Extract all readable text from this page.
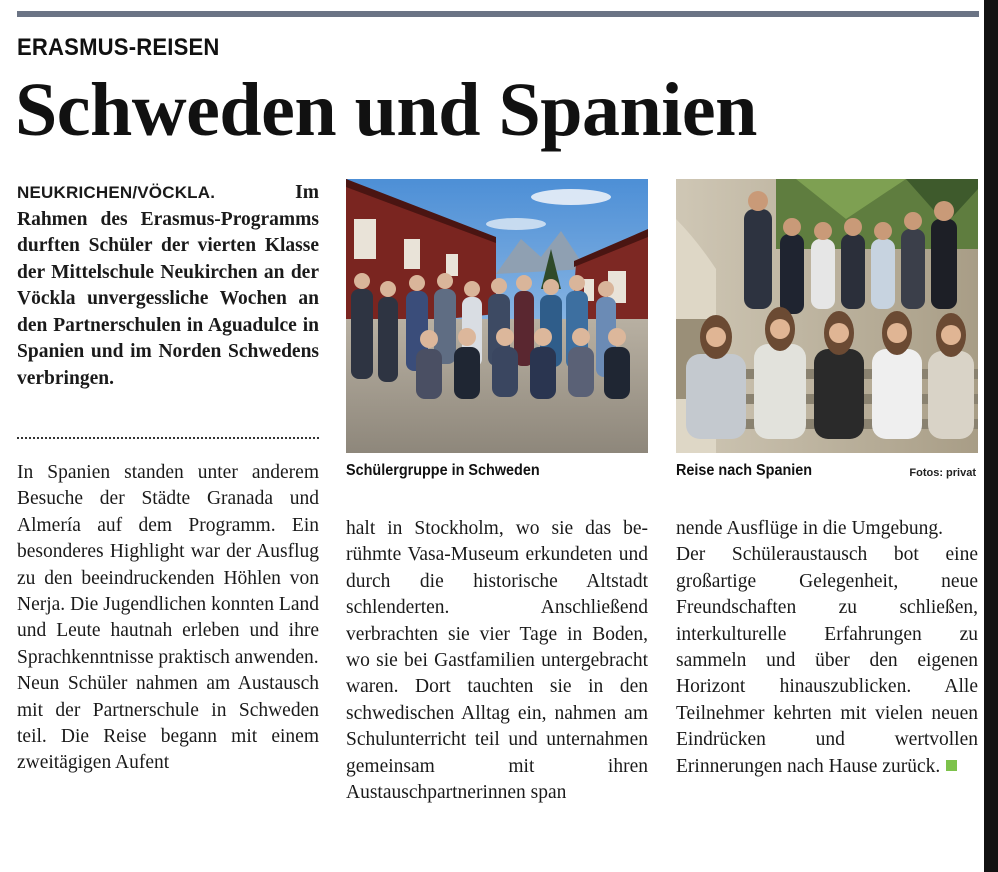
ERASMUS-REISEN
Schweden und Spanien
NEUKRICHEN/VÖCKLA.	Im Rahmen des Erasmus-Programms durften Schüler der vierten Klasse der Mittelschule Neukirchen an der Vöckla unvergessliche Wochen an den Partnerschulen in Aguadulce in Spanien und im Norden Schwedens verbringen.

In Spanien standen unter anderem Besuche der Städte Granada und Almería auf dem Programm. Ein besonderes Highlight war der Ausflug zu den beeindruckenden Höhlen von Nerja. Die Jugendlichen konnten Land und Leute hautnah erleben und ihre Sprachkenntnisse praktisch anwenden.

Neun Schüler nahmen am Austausch mit der Partnerschule in Schweden teil. Die Reise begann mit einem zweitägigen Aufent

halt in Stockholm, wo sie das berühmte Vasa-Museum erkundeten und durch die historische Altstadt schlenderten. Anschließend verbrachten sie vier Tage in Boden, wo sie bei Gastfamilien untergebracht waren. Dort tauchten sie in den schwedischen Alltag ein, nahmen am Schulunterricht teil und unternahmen gemeinsam mit ihren Austauschpartnerinnen span

nende Ausflüge in die Umgebung.

Der Schüleraustausch bot eine großartige Gelegenheit, neue Freundschaften zu schließen, interkulturelle Erfahrungen zu sammeln und über den eigenen Horizont hinauszublicken. Alle Teilnehmer kehrten mit vielen neuen Eindrücken und wertvollen Erinnerungen nach Hause zurück.

Schülergruppe in Schweden	Reise nach Spanien	Fotos: privat
